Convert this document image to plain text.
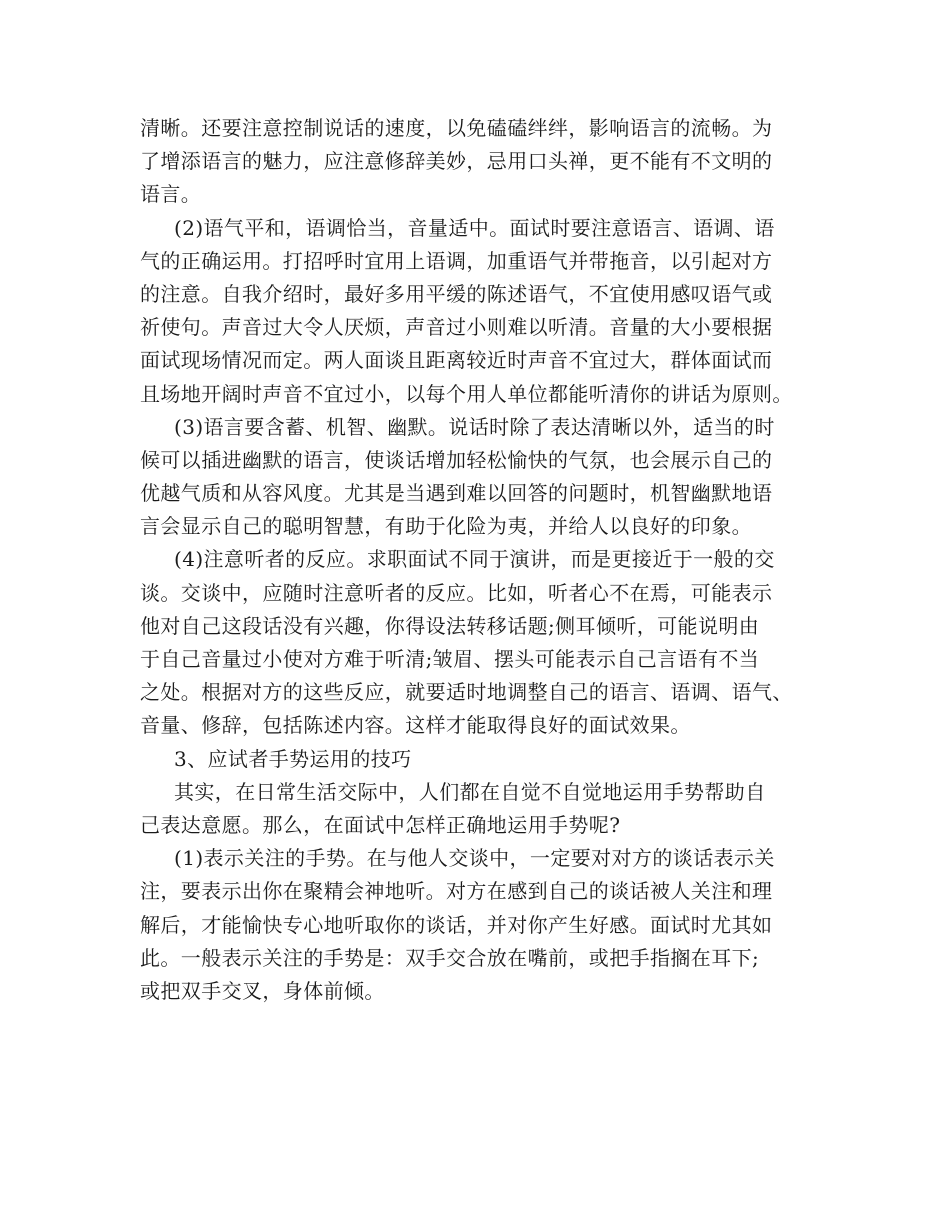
清晰。还要注意控制说话的速度，以免磕磕绊绊，影响语言的流畅。为
了增添语言的魅力，应注意修辞美妙，忌用口头禅，更不能有不文明的
语言。
(2)语气平和，语调恰当，音量适中。面试时要注意语言、语调、语
气的正确运用。打招呼时宜用上语调，加重语气并带拖音，以引起对方
的注意。自我介绍时，最好多用平缓的陈述语气，不宜使用感叹语气或
祈使句。声音过大令人厌烦，声音过小则难以听清。音量的大小要根据
面试现场情况而定。两人面谈且距离较近时声音不宜过大，群体面试而
且场地开阔时声音不宜过小，以每个用人单位都能听清你的讲话为原则。
(3)语言要含蓄、机智、幽默。说话时除了表达清晰以外，适当的时
候可以插进幽默的语言，使谈话增加轻松愉快的气氛，也会展示自己的
优越气质和从容风度。尤其是当遇到难以回答的问题时，机智幽默地语
言会显示自己的聪明智慧，有助于化险为夷，并给人以良好的印象。
(4)注意听者的反应。求职面试不同于演讲，而是更接近于一般的交
谈。交谈中，应随时注意听者的反应。比如，听者心不在焉，可能表示
他对自己这段话没有兴趣，你得设法转移话题;侧耳倾听，可能说明由
于自己音量过小使对方难于听清;皱眉、摆头可能表示自己言语有不当
之处。根据对方的这些反应，就要适时地调整自己的语言、语调、语气、
音量、修辞，包括陈述内容。这样才能取得良好的面试效果。
3、应试者手势运用的技巧
其实，在日常生活交际中，人们都在自觉不自觉地运用手势帮助自
己表达意愿。那么，在面试中怎样正确地运用手势呢?
(1)表示关注的手势。在与他人交谈中，一定要对对方的谈话表示关
注，要表示出你在聚精会神地听。对方在感到自己的谈话被人关注和理
解后，才能愉快专心地听取你的谈话，并对你产生好感。面试时尤其如
此。一般表示关注的手势是：双手交合放在嘴前，或把手指搁在耳下;
或把双手交叉，身体前倾。
